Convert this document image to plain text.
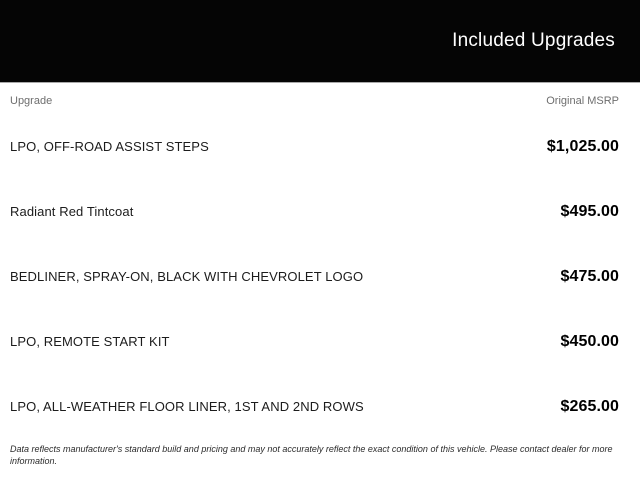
Included Upgrades
Upgrade	Original MSRP
LPO, OFF-ROAD ASSIST STEPS	$1,025.00
Radiant Red Tintcoat	$495.00
BEDLINER, SPRAY-ON, BLACK WITH CHEVROLET LOGO	$475.00
LPO, REMOTE START KIT	$450.00
LPO, ALL-WEATHER FLOOR LINER, 1ST AND 2ND ROWS	$265.00

Data reflects manufacturer's standard build and pricing and may not accurately reflect the exact condition of this vehicle. Please contact dealer for more information.
